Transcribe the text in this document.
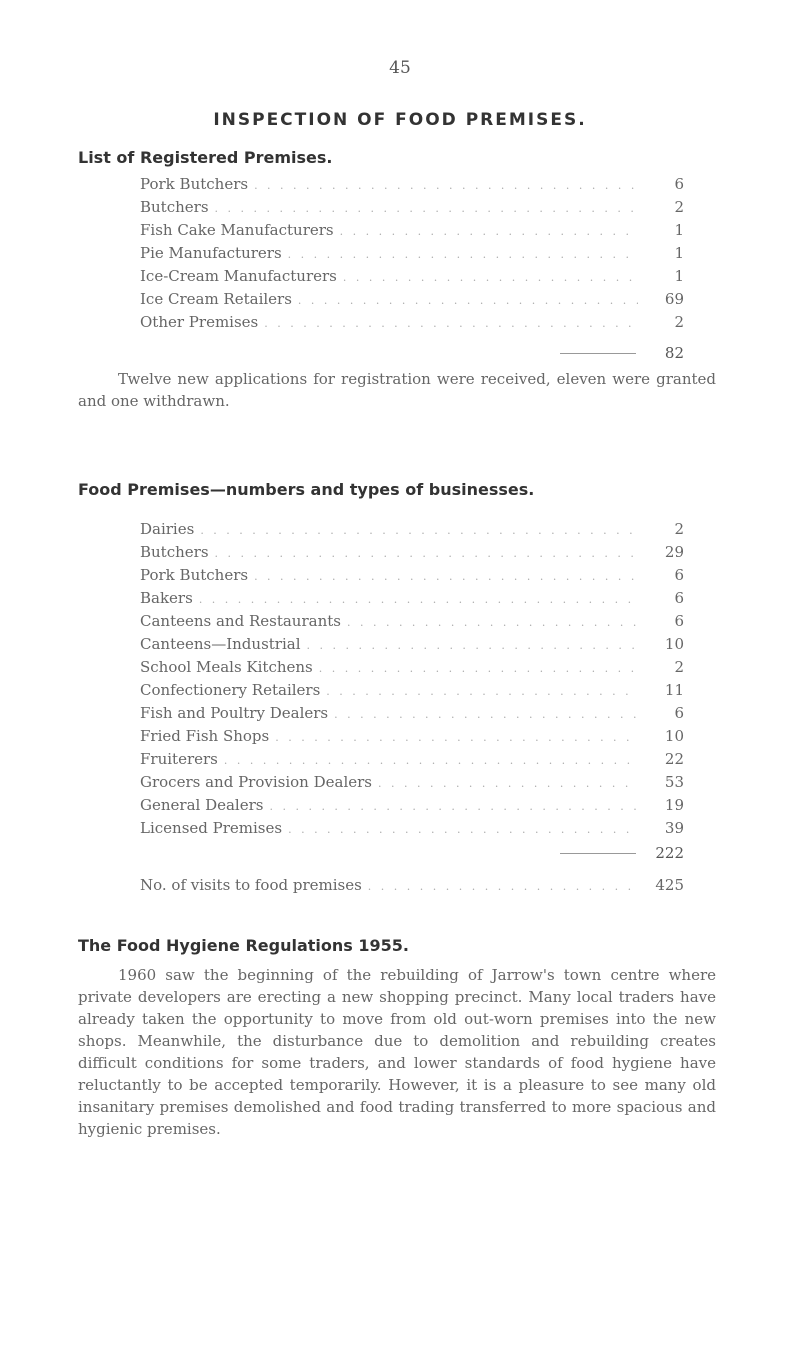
45
INSPECTION OF FOOD PREMISES.
List of Registered Premises.
Pork Butchers . . .	6
Butchers . . .	2
Fish Cake Manufacturers . . .	1
Pie Manufacturers . . .	1
Ice-Cream Manufacturers . . .	1
Ice Cream Retailers . . .	69
Other Premises . . .	2
82
Twelve new applications for registration were received, eleven were granted and one withdrawn.
Food Premises—numbers and types of businesses.
Dairies . . .	2
Butchers . . .	29
Pork Butchers . . .	6
Bakers . . .	6
Canteens and Restaurants . . .	6
Canteens—Industrial . . .	10
School Meals Kitchens . . .	2
Confectionery Retailers . . .	11
Fish and Poultry Dealers . . .	6
Fried Fish Shops . . .	10
Fruiterers . . .	22
Grocers and Provision Dealers . . .	53
General Dealers . . .	19
Licensed Premises . . .	39
222
No. of visits to food premises . . .	425
The Food Hygiene Regulations 1955.
1960 saw the beginning of the rebuilding of Jarrow's town centre where private developers are erecting a new shopping precinct. Many local traders have already taken the opportunity to move from old out-worn premises into the new shops. Meanwhile, the disturbance due to demolition and rebuilding creates difficult conditions for some traders, and lower standards of food hygiene have reluctantly to be accepted temporarily. However, it is a pleasure to see many old insanitary premises demolished and food trading transferred to more spacious and hygienic premises.
